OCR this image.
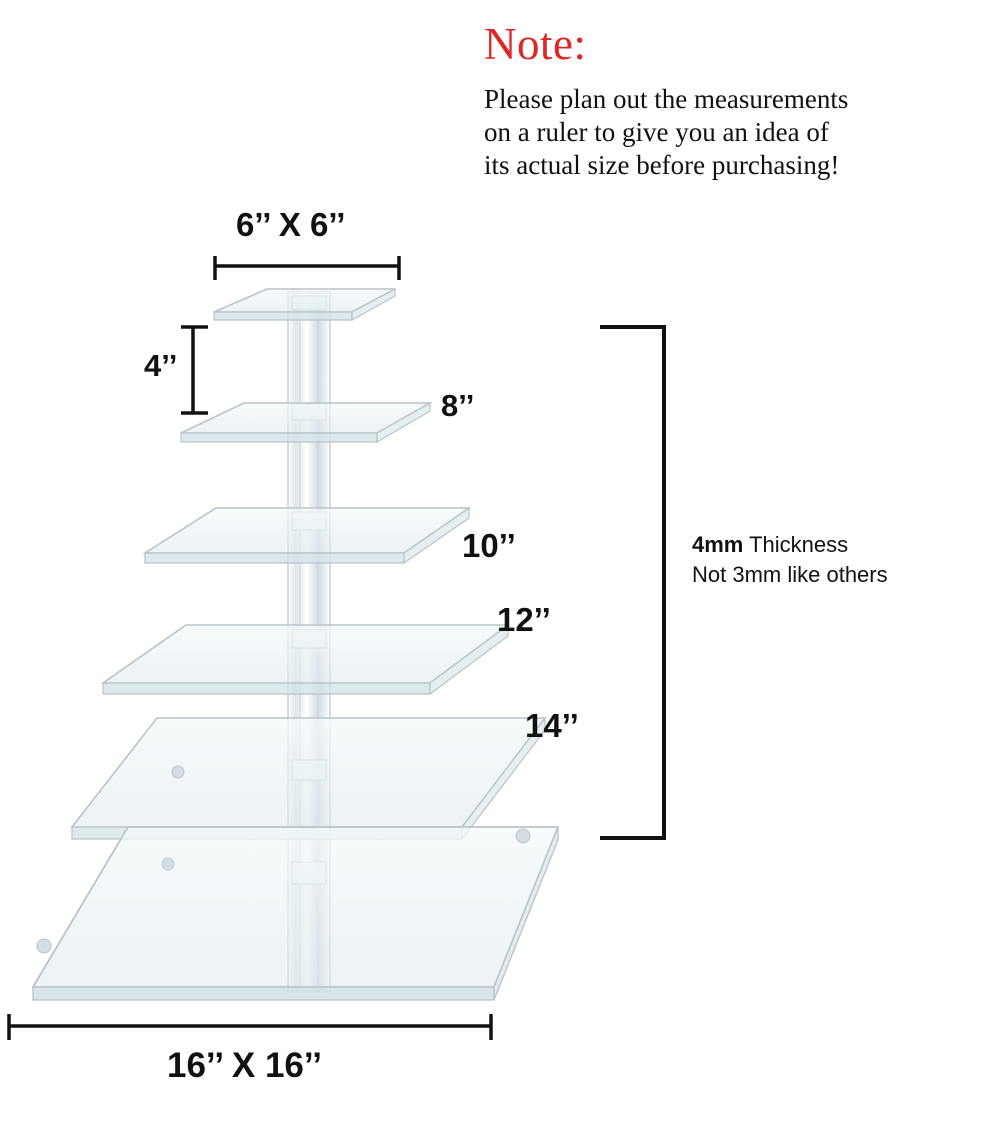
Note:
Please plan out the measurements
on a ruler to give you an idea of
its actual size before purchasing!
4mm Thickness
Not 3mm like others
6’’ X 6’’
4’’
8’’
10’’
12’’
14’’
16’’ X 16’’
